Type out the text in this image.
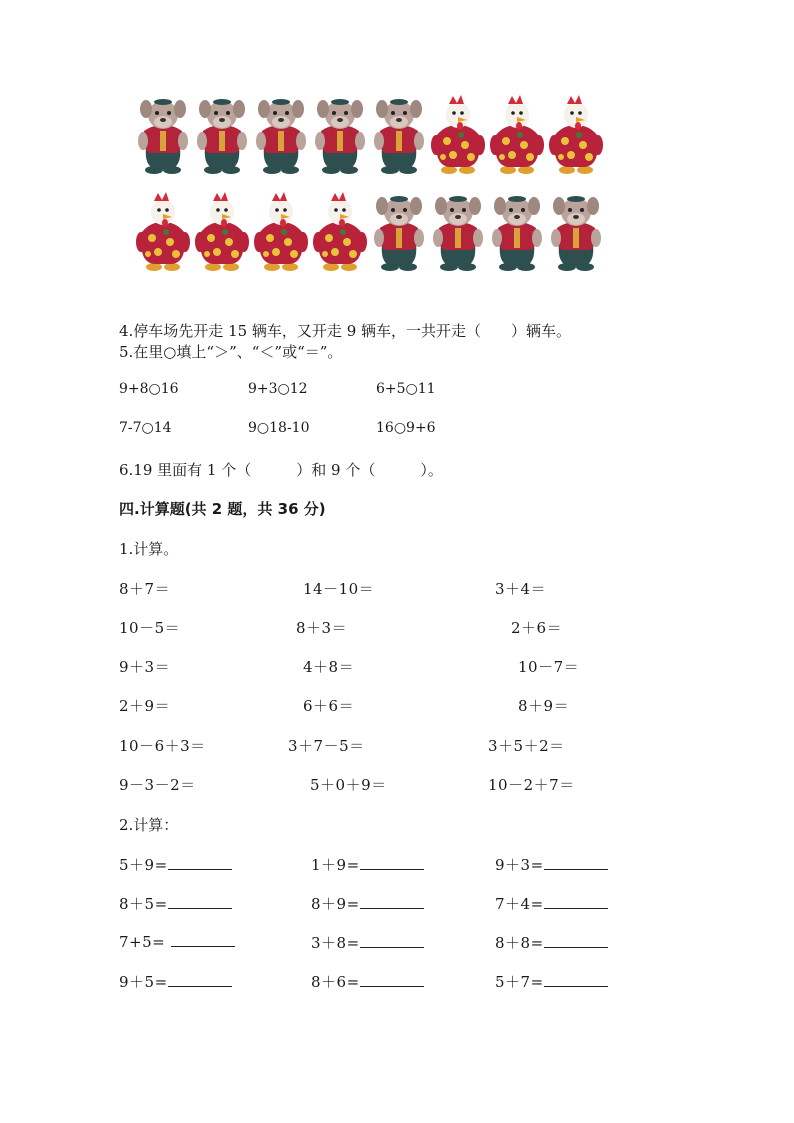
4.停车场先开走 15 辆车，又开走 9 辆车，一共开走（　　）辆车。
5.在里○填上“＞”、“＜”或“＝”。
9+8○16	9+3○12	6+5○11
7-7○14	9○18-10	16○9+6
6.19 里面有 1 个（　　　）和 9 个（　　　）。
四.计算题(共 2 题，共 36 分)
1.计算。
8＋7＝	14－10＝	3＋4＝
10－5＝	8＋3＝	2＋6＝
9＋3＝	4＋8＝	10－7＝
2＋9＝	6＋6＝	8＋9＝
10－6＋3＝	3＋7－5＝	3＋5＋2＝
9－3－2＝	5＋0＋9＝	10－2＋7＝
2.计算：
5＋9=	1＋9=	9＋3=
8＋5=	8＋9=	7＋4=
7+5=	3＋8=	8＋8=
9＋5=	8＋6=	5＋7=
